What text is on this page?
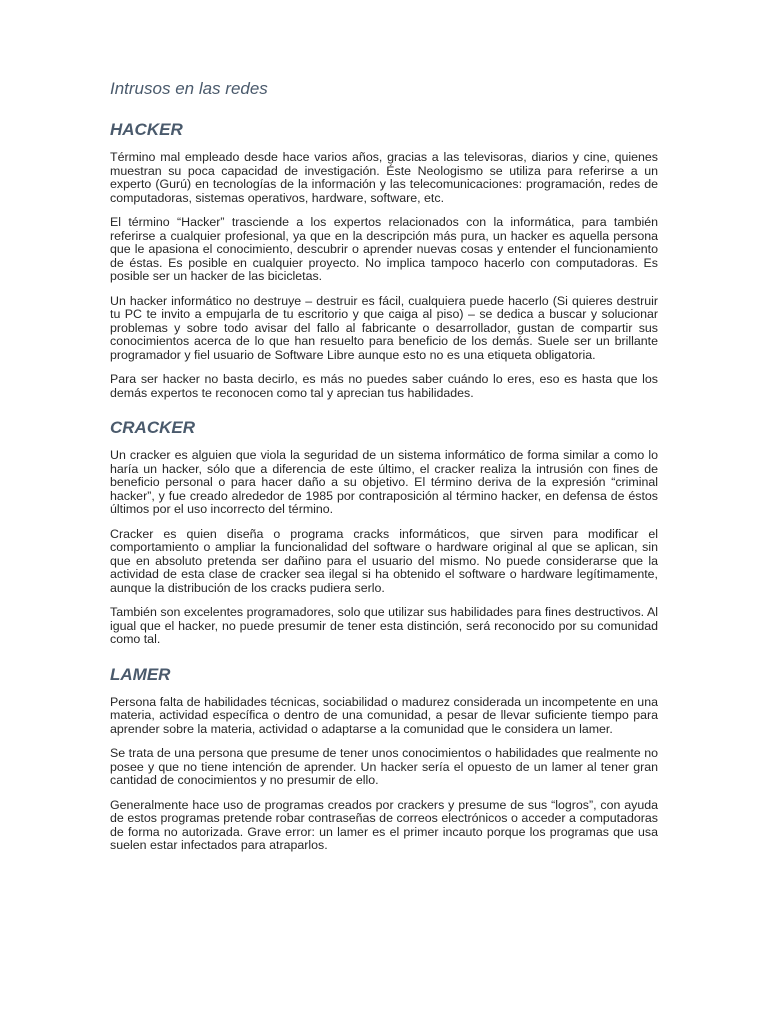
Intrusos en las redes
HACKER

Término mal empleado desde hace varios años, gracias a las televisoras, diarios y cine, quienes muestran su poca capacidad de investigación. Éste Neologismo se utiliza para referirse a un experto (Gurú) en tecnologías de la información y las telecomunicaciones: programación, redes de computadoras, sistemas operativos, hardware, software, etc.

El término “Hacker” trasciende a los expertos relacionados con la informática, para también referirse a cualquier profesional, ya que en la descripción más pura, un hacker es aquella persona que le apasiona el conocimiento, descubrir o aprender nuevas cosas y entender el funcionamiento de éstas. Es posible en cualquier proyecto. No implica tampoco hacerlo con computadoras. Es posible ser un hacker de las bicicletas.

Un hacker informático no destruye – destruir es fácil, cualquiera puede hacerlo (Si quieres destruir tu PC te invito a empujarla de tu escritorio y que caiga al piso) – se dedica a buscar y solucionar problemas y sobre todo avisar del fallo al fabricante o desarrollador, gustan de compartir sus conocimientos acerca de lo que han resuelto para beneficio de los demás. Suele ser un brillante programador y fiel usuario de Software Libre aunque esto no es una etiqueta obligatoria.

Para ser hacker no basta decirlo, es más no puedes saber cuándo lo eres, eso es hasta que los demás expertos te reconocen como tal y aprecian tus habilidades.

CRACKER

Un cracker es alguien que viola la seguridad de un sistema informático de forma similar a como lo haría un hacker, sólo que a diferencia de este último, el cracker realiza la intrusión con fines de beneficio personal o para hacer daño a su objetivo. El término deriva de la expresión “criminal hacker”, y fue creado alrededor de 1985 por contraposición al término hacker, en defensa de éstos últimos por el uso incorrecto del término.

Cracker es quien diseña o programa cracks informáticos, que sirven para modificar el comportamiento o ampliar la funcionalidad del software o hardware original al que se aplican, sin que en absoluto pretenda ser dañino para el usuario del mismo. No puede considerarse que la actividad de esta clase de cracker sea ilegal si ha obtenido el software o hardware legítimamente, aunque la distribución de los cracks pudiera serlo.

También son excelentes programadores, solo que utilizar sus habilidades para fines destructivos. Al igual que el hacker, no puede presumir de tener esta distinción, será reconocido por su comunidad como tal.

LAMER

Persona falta de habilidades técnicas, sociabilidad o madurez considerada un incompetente en una materia, actividad específica o dentro de una comunidad, a pesar de llevar suficiente tiempo para aprender sobre la materia, actividad o adaptarse a la comunidad que le considera un lamer.

Se trata de una persona que presume de tener unos conocimientos o habilidades que realmente no posee y que no tiene intención de aprender. Un hacker sería el opuesto de un lamer al tener gran cantidad de conocimientos y no presumir de ello.

Generalmente hace uso de programas creados por crackers y presume de sus “logros”, con ayuda de estos programas pretende robar contraseñas de correos electrónicos o acceder a computadoras de forma no autorizada. Grave error: un lamer es el primer incauto porque los programas que usa suelen estar infectados para atraparlos.
